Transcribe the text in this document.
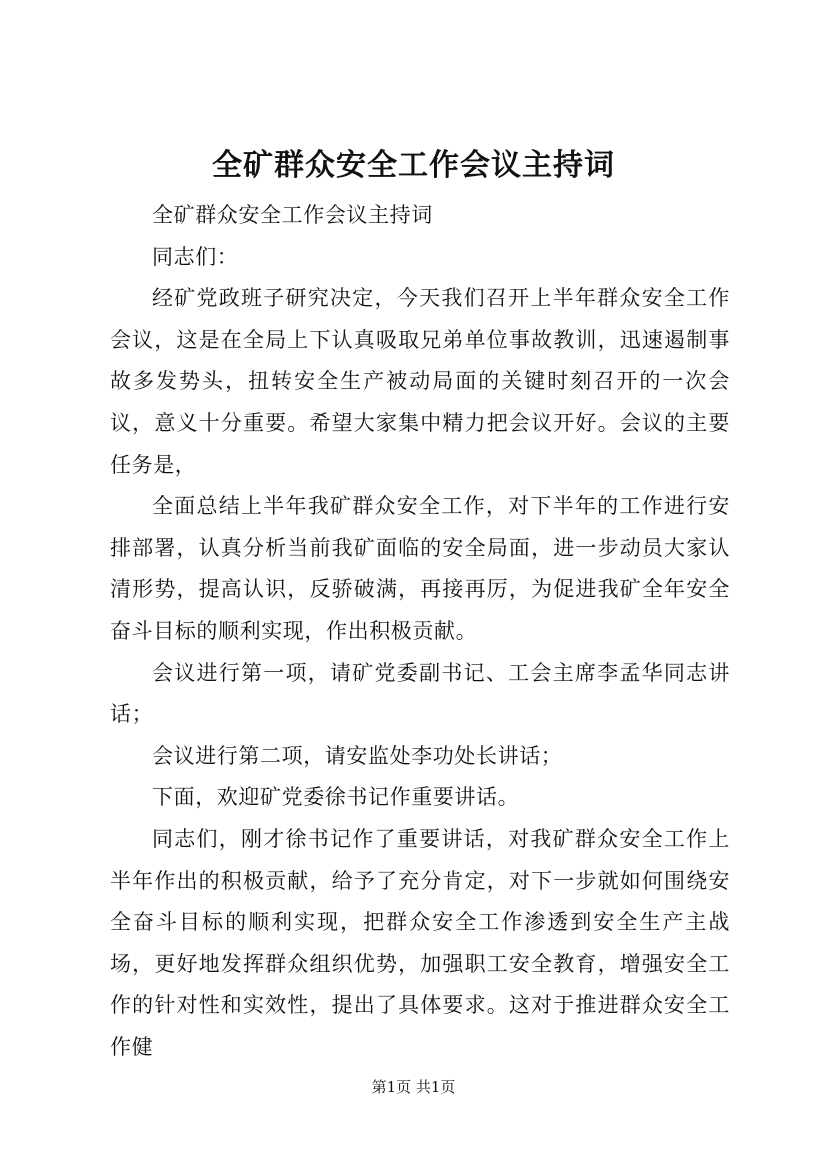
全矿群众安全工作会议主持词

全矿群众安全工作会议主持词

同志们：

经矿党政班子研究决定，今天我们召开上半年群众安全工作会议，这是在全局上下认真吸取兄弟单位事故教训，迅速遏制事故多发势头，扭转安全生产被动局面的关键时刻召开的一次会议，意义十分重要。希望大家集中精力把会议开好。会议的主要任务是，

全面总结上半年我矿群众安全工作，对下半年的工作进行安排部署，认真分析当前我矿面临的安全局面，进一步动员大家认清形势，提高认识，反骄破满，再接再厉，为促进我矿全年安全奋斗目标的顺利实现，作出积极贡献。

会议进行第一项，请矿党委副书记、工会主席李孟华同志讲话；

会议进行第二项，请安监处李功处长讲话；

下面，欢迎矿党委徐书记作重要讲话。

同志们，刚才徐书记作了重要讲话，对我矿群众安全工作上半年作出的积极贡献，给予了充分肯定，对下一步就如何围绕安全奋斗目标的顺利实现，把群众安全工作渗透到安全生产主战场，更好地发挥群众组织优势，加强职工安全教育，增强安全工作的针对性和实效性，提出了具体要求。这对于推进群众安全工作健

第1页 共1页
